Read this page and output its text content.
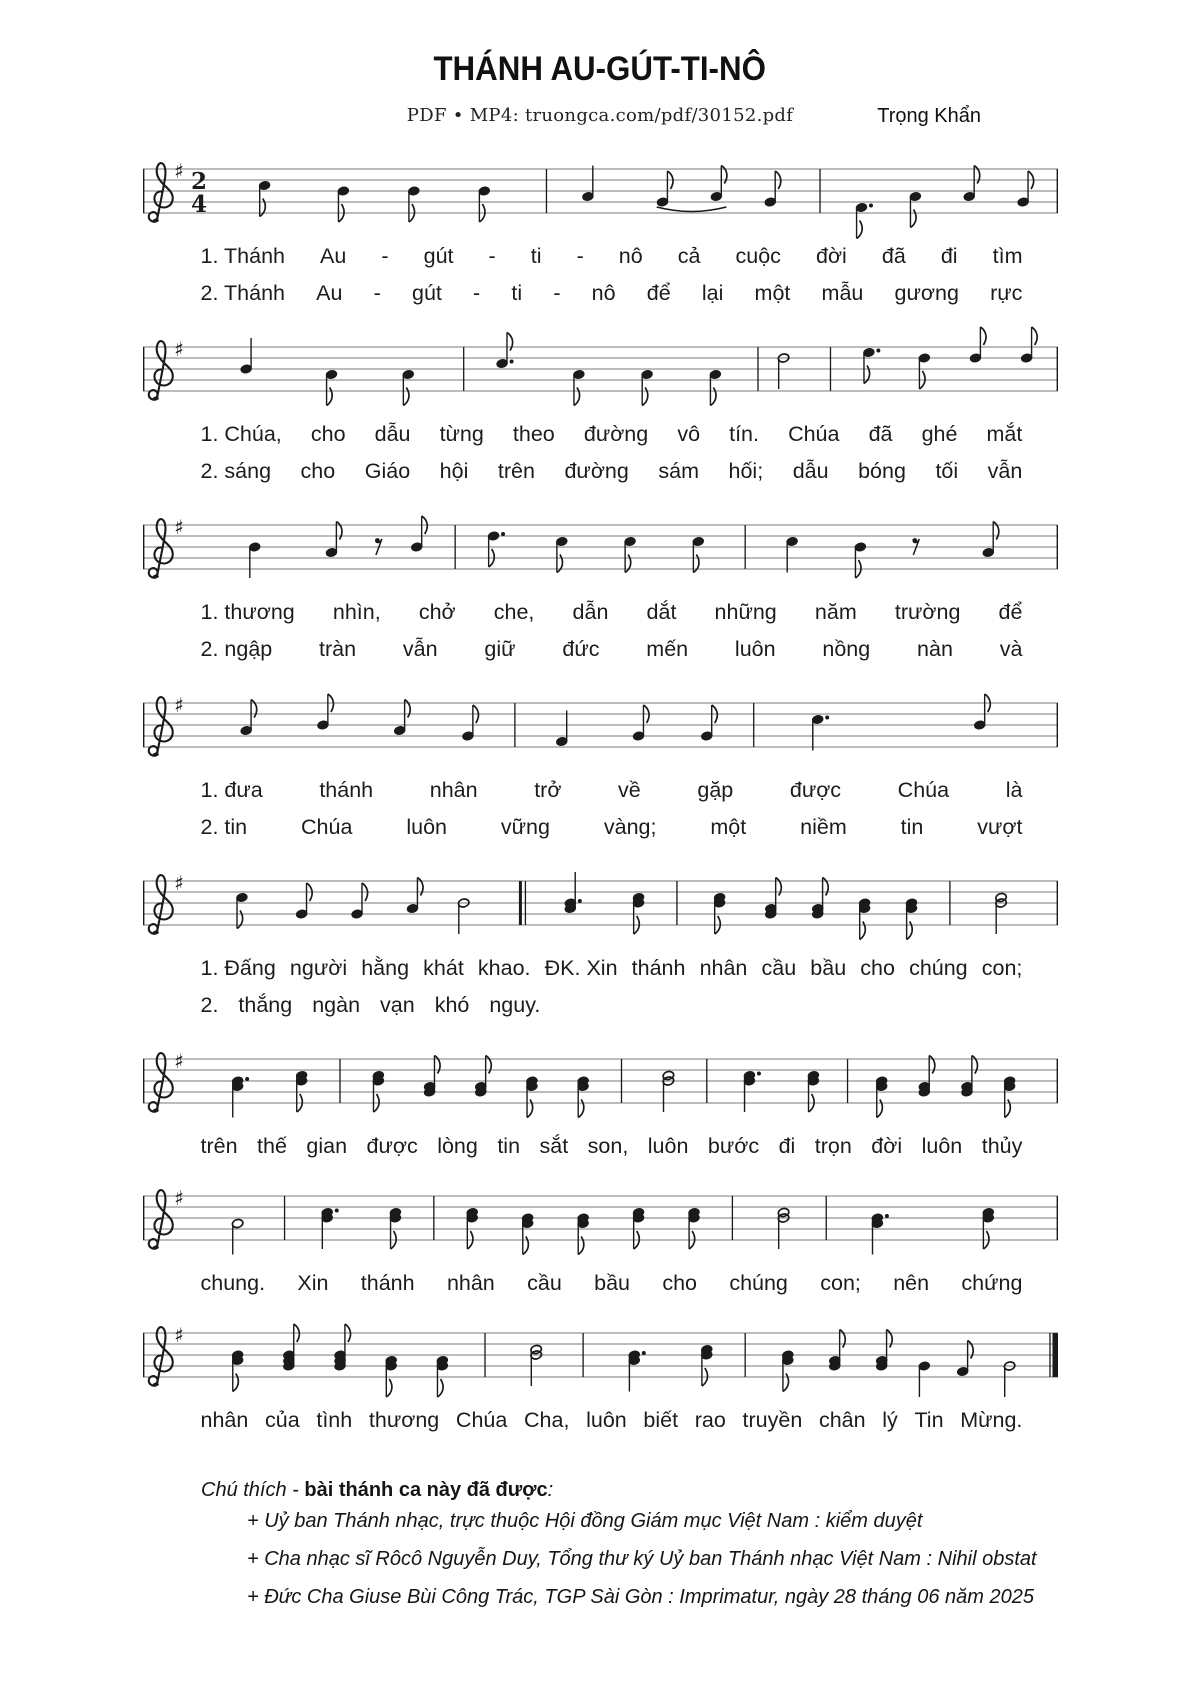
THÁNH AU-GÚT-TI-NÔ
PDF • MP4: truongca.com/pdf/30152.pdf	Trọng Khẩn
♯ 2
4
1. Thánh Au - gút - ti - nô cả cuộc đời đã đi tìm
2. Thánh Au - gút - ti - nô để lại một mẫu gương rực
♯
1. Chúa, cho dẫu từng theo đường vô tín. Chúa đã ghé mắt
2. sáng cho Giáo hội trên đường sám hối; dẫu bóng tối vẫn
♯
1. thương nhìn, chở che, dẫn dắt những năm trường để
2. ngập tràn vẫn giữ đức mến luôn nồng nàn và
♯
1. đưa	thánh	nhân	trở	về	gặp	được	Chúa	là
2. tin	Chúa	luôn	vững	vàng;	một	niềm	tin	vượt
♯
1. Đấng người hằng khát khao. ĐK. Xin thánh nhân cầu bầu cho chúng con;
2. thắng ngàn vạn khó nguy.
♯
trên thế gian được lòng tin sắt son, luôn bước đi trọn đời luôn thủy
♯
chung. Xin thánh nhân cầu bầu cho chúng con; nên chứng
♯
nhân của tình thương Chúa Cha, luôn biết rao truyền chân lý Tin Mừng.
Chú thích - bài thánh ca này đã được:
+ Uỷ ban Thánh nhạc, trực thuộc Hội đồng Giám mục Việt Nam : kiểm duyệt
+ Cha nhạc sĩ Rôcô Nguyễn Duy, Tổng thư ký Uỷ ban Thánh nhạc Việt Nam : Nihil obstat
+ Đức Cha Giuse Bùi Công Trác, TGP Sài Gòn : Imprimatur, ngày 28 tháng 06 năm 2025
